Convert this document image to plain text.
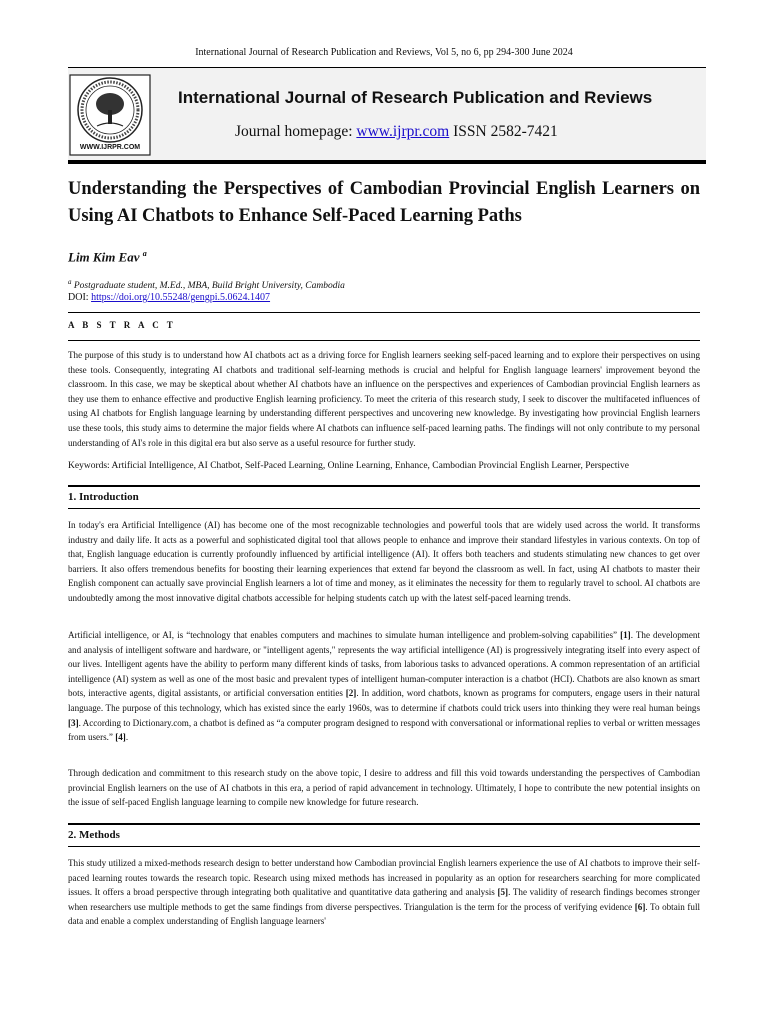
International Journal of Research Publication and Reviews, Vol 5, no 6, pp 294-300 June 2024
WWW.IJRPR.COM
International Journal of Research Publication and Reviews
Journal homepage: www.ijrpr.com ISSN 2582-7421
Understanding the Perspectives of Cambodian Provincial English Learners on Using AI Chatbots to Enhance Self-Paced Learning Paths
Lim Kim Eav $^a$
$^a$ Postgraduate student, M.Ed., MBA, Build Bright University, Cambodia
DOI: https://doi.org/10.55248/gengpi.5.0624.1407
A B S T R A C T
The purpose of this study is to understand how AI chatbots act as a driving force for English learners seeking self-paced learning and to explore their perspectives on using these tools. Consequently, integrating AI chatbots and traditional self-learning methods is crucial and helpful for English language learners' improvement beyond the classroom. In this case, we may be skeptical about whether AI chatbots have an influence on the perspectives and experiences of Cambodian provincial English learners as they use them to enhance effective and productive English learning proficiency. To meet the criteria of this research study, I seek to discover the multifaceted influences of using AI chatbots for English language learning by understanding different perspectives and uncovering new knowledge. By investigating how provincial English learners use these tools, this study aims to determine the major fields where AI chatbots can influence self-paced learning paths. The findings will not only contribute to my personal understanding of AI's role in this digital era but also serve as a useful resource for further study.
Keywords: Artificial Intelligence, AI Chatbot, Self-Paced Learning, Online Learning, Enhance, Cambodian Provincial English Learner, Perspective
1. Introduction
In today's era Artificial Intelligence (AI) has become one of the most recognizable technologies and powerful tools that are widely used across the world. It transforms industry and daily life. It acts as a powerful and sophisticated digital tool that allows people to enhance and improve their standard lifestyles in various contexts. On top of that, English language education is currently profoundly influenced by artificial intelligence (AI). It offers both teachers and students stimulating new chances to get over barriers. It also offers tremendous benefits for boosting their learning experiences that extend far beyond the classroom as well. In fact, using AI chatbots to master their English component can actually save provincial English learners a lot of time and money, as it eliminates the necessity for them to regularly travel to school. AI chatbots are undoubtedly among the most innovative digital chatbots accessible for helping students catch up with the latest self-paced learning trends.
Artificial intelligence, or AI, is “technology that enables computers and machines to simulate human intelligence and problem-solving capabilities” [1]. The development and analysis of intelligent software and hardware, or "intelligent agents," represents the way artificial intelligence (AI) is progressively integrating itself into every aspect of our lives. Intelligent agents have the ability to perform many different kinds of tasks, from laborious tasks to advanced operations. A common representation of an artificial intelligence (AI) system as well as one of the most basic and prevalent types of intelligent human-computer interaction is a chatbot (HCI). Chatbots are also known as smart bots, interactive agents, digital assistants, or artificial conversation entities [2]. In addition, word chatbots, known as programs for computers, engage users in their natural language. The purpose of this technology, which has existed since the early 1960s, was to determine if chatbots could trick users into thinking they were real human beings [3]. According to Dictionary.com, a chatbot is defined as “a computer program designed to respond with conversational or informational replies to verbal or written messages from users.” [4].
Through dedication and commitment to this research study on the above topic, I desire to address and fill this void towards understanding the perspectives of Cambodian provincial English learners on the use of AI chatbots in this era, a period of rapid advancement in technology. Ultimately, I hope to contribute the new potential insights on the issue of self-paced English language learning to compile new knowledge for future research.
2. Methods
This study utilized a mixed-methods research design to better understand how Cambodian provincial English learners experience the use of AI chatbots to improve their self-paced learning routes towards the research topic. Research using mixed methods has increased in popularity as an option for researchers searching for more complicated issues. It offers a broad perspective through integrating both qualitative and quantitative data gathering and analysis [5]. The validity of research findings becomes stronger when researchers use multiple methods to get the same findings from diverse perspectives. Triangulation is the term for the process of verifying evidence [6]. To obtain full data and enable a complex understanding of English language learners'
